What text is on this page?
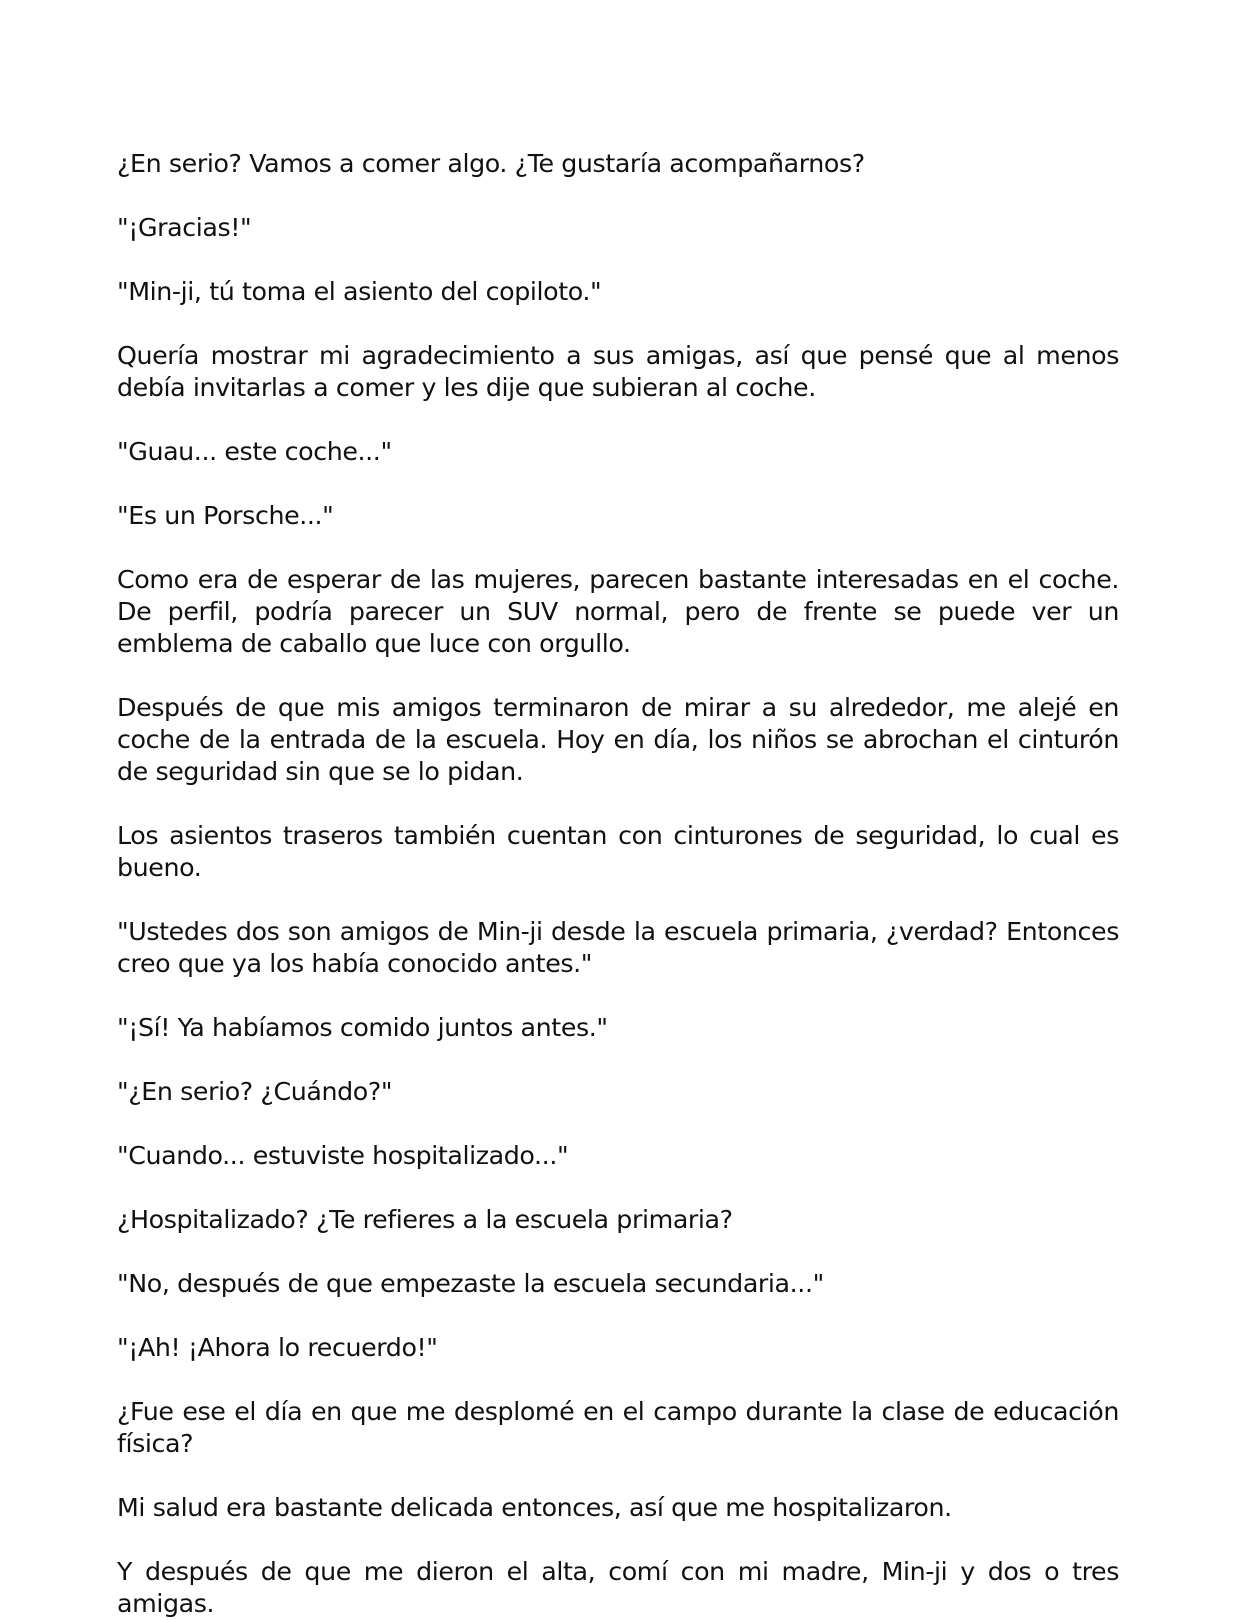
¿En serio? Vamos a comer algo. ¿Te gustaría acompañarnos?

"¡Gracias!"

"Min-ji, tú toma el asiento del copiloto."

Quería mostrar mi agradecimiento a sus amigas, así que pensé que al menos debía invitarlas a comer y les dije que subieran al coche.

"Guau... este coche..."

"Es un Porsche..."

Como era de esperar de las mujeres, parecen bastante interesadas en el coche. De perfil, podría parecer un SUV normal, pero de frente se puede ver un emblema de caballo que luce con orgullo.

Después de que mis amigos terminaron de mirar a su alrededor, me alejé en coche de la entrada de la escuela. Hoy en día, los niños se abrochan el cinturón de seguridad sin que se lo pidan.

Los asientos traseros también cuentan con cinturones de seguridad, lo cual es bueno.

"Ustedes dos son amigos de Min-ji desde la escuela primaria, ¿verdad? Entonces creo que ya los había conocido antes."

"¡Sí! Ya habíamos comido juntos antes."

"¿En serio? ¿Cuándo?"

"Cuando... estuviste hospitalizado..."

¿Hospitalizado? ¿Te refieres a la escuela primaria?

"No, después de que empezaste la escuela secundaria..."

"¡Ah! ¡Ahora lo recuerdo!"

¿Fue ese el día en que me desplomé en el campo durante la clase de educación física?

Mi salud era bastante delicada entonces, así que me hospitalizaron.

Y después de que me dieron el alta, comí con mi madre, Min-ji y dos o tres amigas.
